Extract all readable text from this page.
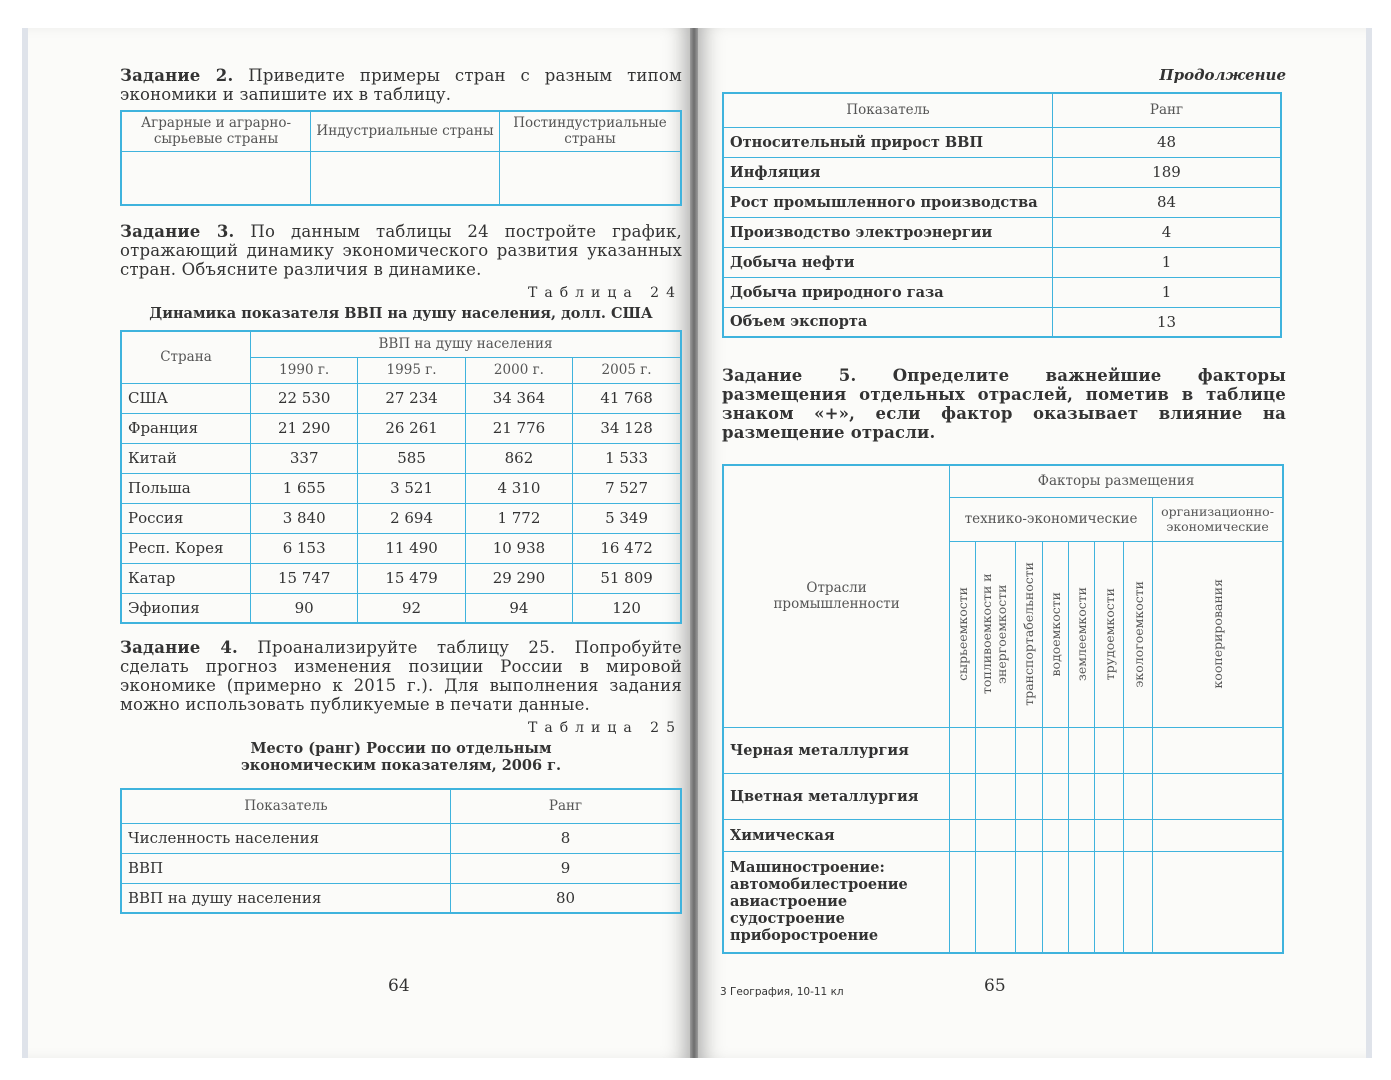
Задание 2. Приведите примеры стран с разным типом экономики и запишите их в таблицу.

Аграрные и аграрно-сырьевые страны	Индустриальные страны	Постиндустриальные страны

Задание 3. По данным таблицы 24 постройте график, отражающий динамику экономического развития указанных стран. Объясните различия в динамике.

Таблица 24
Динамика показателя ВВП на душу населения, долл. США
Страна	ВВП на душу населения			
	1990 г.	1995 г.	2000 г.	2005 г.
США	22 530	27 234	34 364	41 768
Франция	21 290	26 261	21 776	34 128
Китай	337	585	862	1 533
Польша	1 655	3 521	4 310	7 527
Россия	3 840	2 694	1 772	5 349
Респ. Корея	6 153	11 490	10 938	16 472
Катар	15 747	15 479	29 290	51 809
Эфиопия	90	92	94	120

Задание 4. Проанализируйте таблицу 25. Попробуйте сделать прогноз изменения позиции России в мировой экономике (примерно к 2015 г.). Для выполнения задания можно использовать публикуемые в печати данные.

Таблица 25
Место (ранг) России по отдельным экономическим показателям, 2006 г.
Показатель	Ранг
Численность населения	8
ВВП	9
ВВП на душу населения	80
64
Продолжение
Показатель	Ранг
Относительный прирост ВВП	48
Инфляция	189
Рост промышленного производства	84
Производство электроэнергии	4
Добыча нефти	1
Добыча природного газа	1
Объем экспорта	13

Задание 5. Определите важнейшие факторы размещения отдельных отраслей, пометив в таблице знаком «+», если фактор оказывает влияние на размещение отрасли.

Отрасли промышленности	Факторы размещения							
	технико-экономические							организационно-экономические

	сырьеемкости	топливоемкости и энергоемкости	транспортабельности	водоемкости	землеемкости	трудоемкости	экологоемкости	кооперирования

Черная металлургия								
Цветная металлургия								
Химическая								
Машиностроение: автомобилестроение авиастроение судостроение приборостроение								
3 География, 10-11 кл	65
